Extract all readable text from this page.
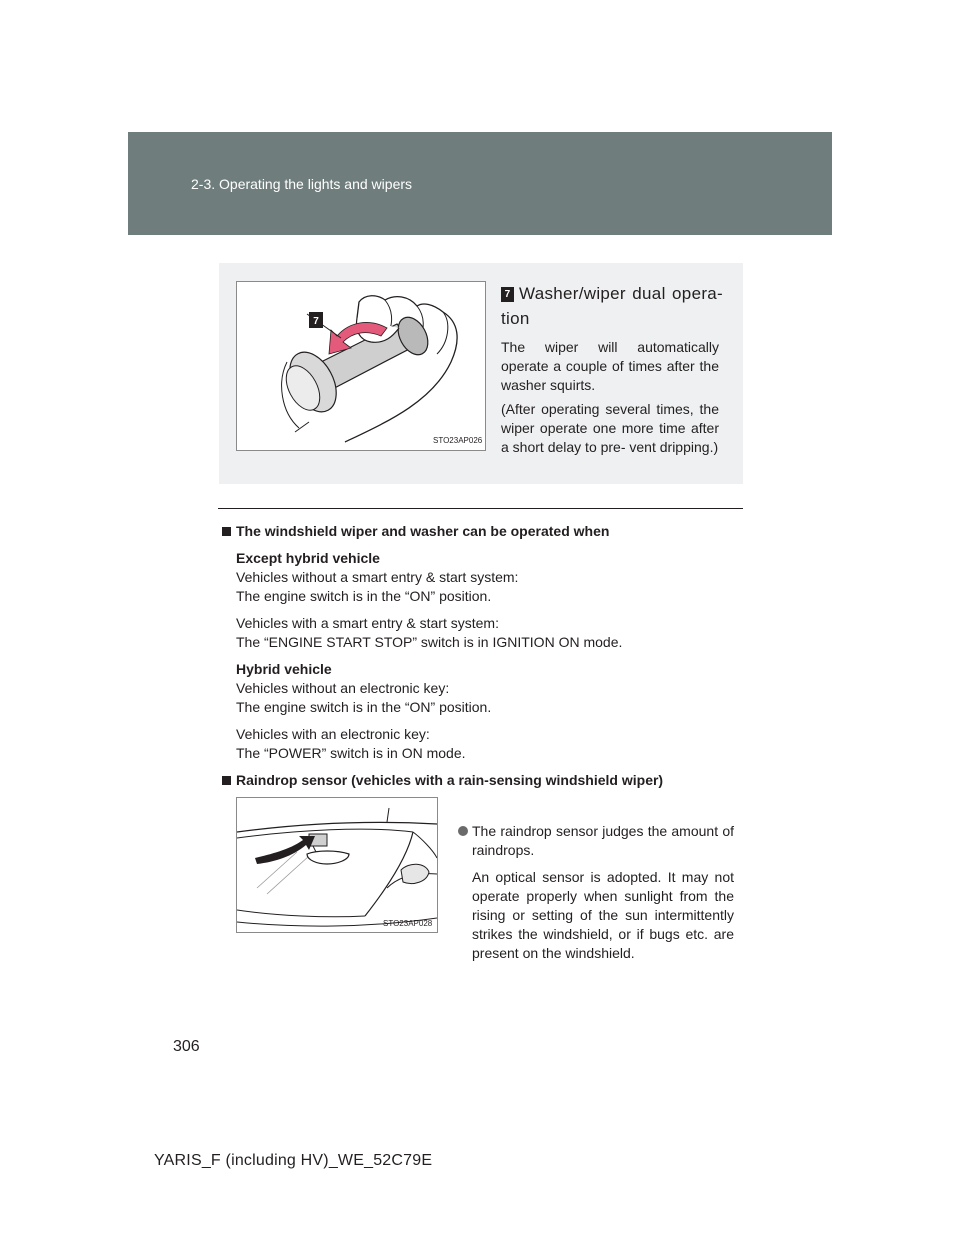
2-3. Operating the lights and wipers
7
STO23AP026
7 Washer/wiper dual opera- tion
The wiper will automatically operate a couple of times after the washer squirts.
(After operating several times, the wiper operate one more time after a short delay to pre- vent dripping.)

The windshield wiper and washer can be operated when

Except hybrid vehicle

Vehicles without a smart entry & start system:

The engine switch is in the “ON” position.

Vehicles with a smart entry & start system:

The “ENGINE START STOP” switch is in IGNITION ON mode.

Hybrid vehicle

Vehicles without an electronic key:

The engine switch is in the “ON” position.

Vehicles with an electronic key:

The “POWER” switch is in ON mode.

Raindrop sensor (vehicles with a rain-sensing windshield wiper)

STO23AP028

The raindrop sensor judges the amount of raindrops.

An optical sensor is adopted. It may not operate properly when sunlight from the rising or setting of the sun intermittently strikes the windshield, or if bugs etc. are present on the windshield.

306
YARIS_F (including HV)_WE_52C79E
